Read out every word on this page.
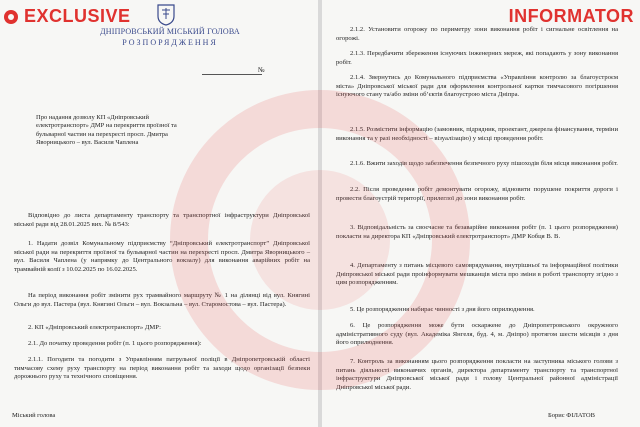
EXCLUSIVE
ДНІПРОВСЬКИЙ МІСЬКИЙ ГОЛОВА
РОЗПОРЯДЖЕННЯ
№
Про надання дозволу КП «Дніпровський електротранспорт» ДМР на перекриття проїзної та бульварної частин на перехресті просп. Дмитра Яворницького – вул. Василя Чаплена
Відповідно до листа департаменту транспорту та транспортної інфраструктури Дніпровської міської ради від 28.01.2025 вих. № 8/543:
1. Надати дозвіл Комунальному підприємству “Дніпровський електротранспорт” Дніпровської міської ради на перекриття проїзної та бульварної частин на перехресті просп. Дмитра Яворницького – вул. Василя Чаплена (у напрямку до Центрального вокзалу) для виконання аварійних робіт на трамвайній колії з 10.02.2025 по 16.02.2025.
На період виконання робіт змінити рух трамвайного маршруту № 1 на ділянці від вул. Княгині Ольги до вул. Пастера (вул. Княгині Ольги – вул. Вокзальна – вул. Старомостова – вул. Пастера).
2. КП «Дніпровський електротранспорт» ДМР:
2.1. До початку проведення робіт (п. 1 цього розпорядження):
2.1.1. Погодити та погодити з Управлінням патрульної поліції в Дніпропетровській області тимчасову схему руху транспорту на період виконання робіт та заходи щодо організації безпеки дорожнього руху та технічного сповіщення.
Міський голова
INFORMATOR
2.1.2. Установити огорожу по периметру зони виконання робіт і сигнальне освітлення на огорожі.
2.1.3. Передбачити збереження існуючих інженерних мереж, які попадають у зону виконання робіт.
2.1.4. Звернутись до Комунального підприємства «Управління контролю за благоустроєм міста» Дніпровської міської ради для оформлення контрольної картки тимчасового погіршення існуючого стану та/або зміни об’єктів благоустрою міста Дніпра.
2.1.5. Розмістити інформацію (замовник, підрядник, проектант, джерела фінансування, терміни виконання та у разі необхідності – візуалізацію) у місці проведення робіт.
2.1.6. Вжити заходів щодо забезпечення безпечного руху пішоходів біля місця виконання робіт.
2.2. Після проведення робіт демонтувати огорожу, відновити порушене покриття дороги і провести благоустрій території, прилеглої до зони виконання робіт.
3. Відповідальність за своєчасне та безаварійне виконання робіт (п. 1 цього розпорядження) покласти на директора КП «Дніпровський електротранспорт» ДМР Кобця В. В.
4. Департаменту з питань місцевого самоврядування, внутрішньої та інформаційної політики Дніпровської міської ради проінформувати мешканців міста про зміни в роботі транспорту згідно з цим розпорядженням.
5. Це розпорядження набирає чинності з дня його оприлюднення.
6. Це розпорядження може бути оскаржене до Дніпропетровського окружного адміністративного суду (вул. Академіка Янгеля, буд. 4, м. Дніпро) протягом шести місяців з дня його оприлюднення.
7. Контроль за виконанням цього розпорядження покласти на заступника міського голови з питань діяльності виконавчих органів, директора департаменту транспорту та транспортної інфраструктури Дніпровської міської ради і голову Центральної районної адміністрації Дніпровської міської ради.
Борис ФІЛАТОВ
